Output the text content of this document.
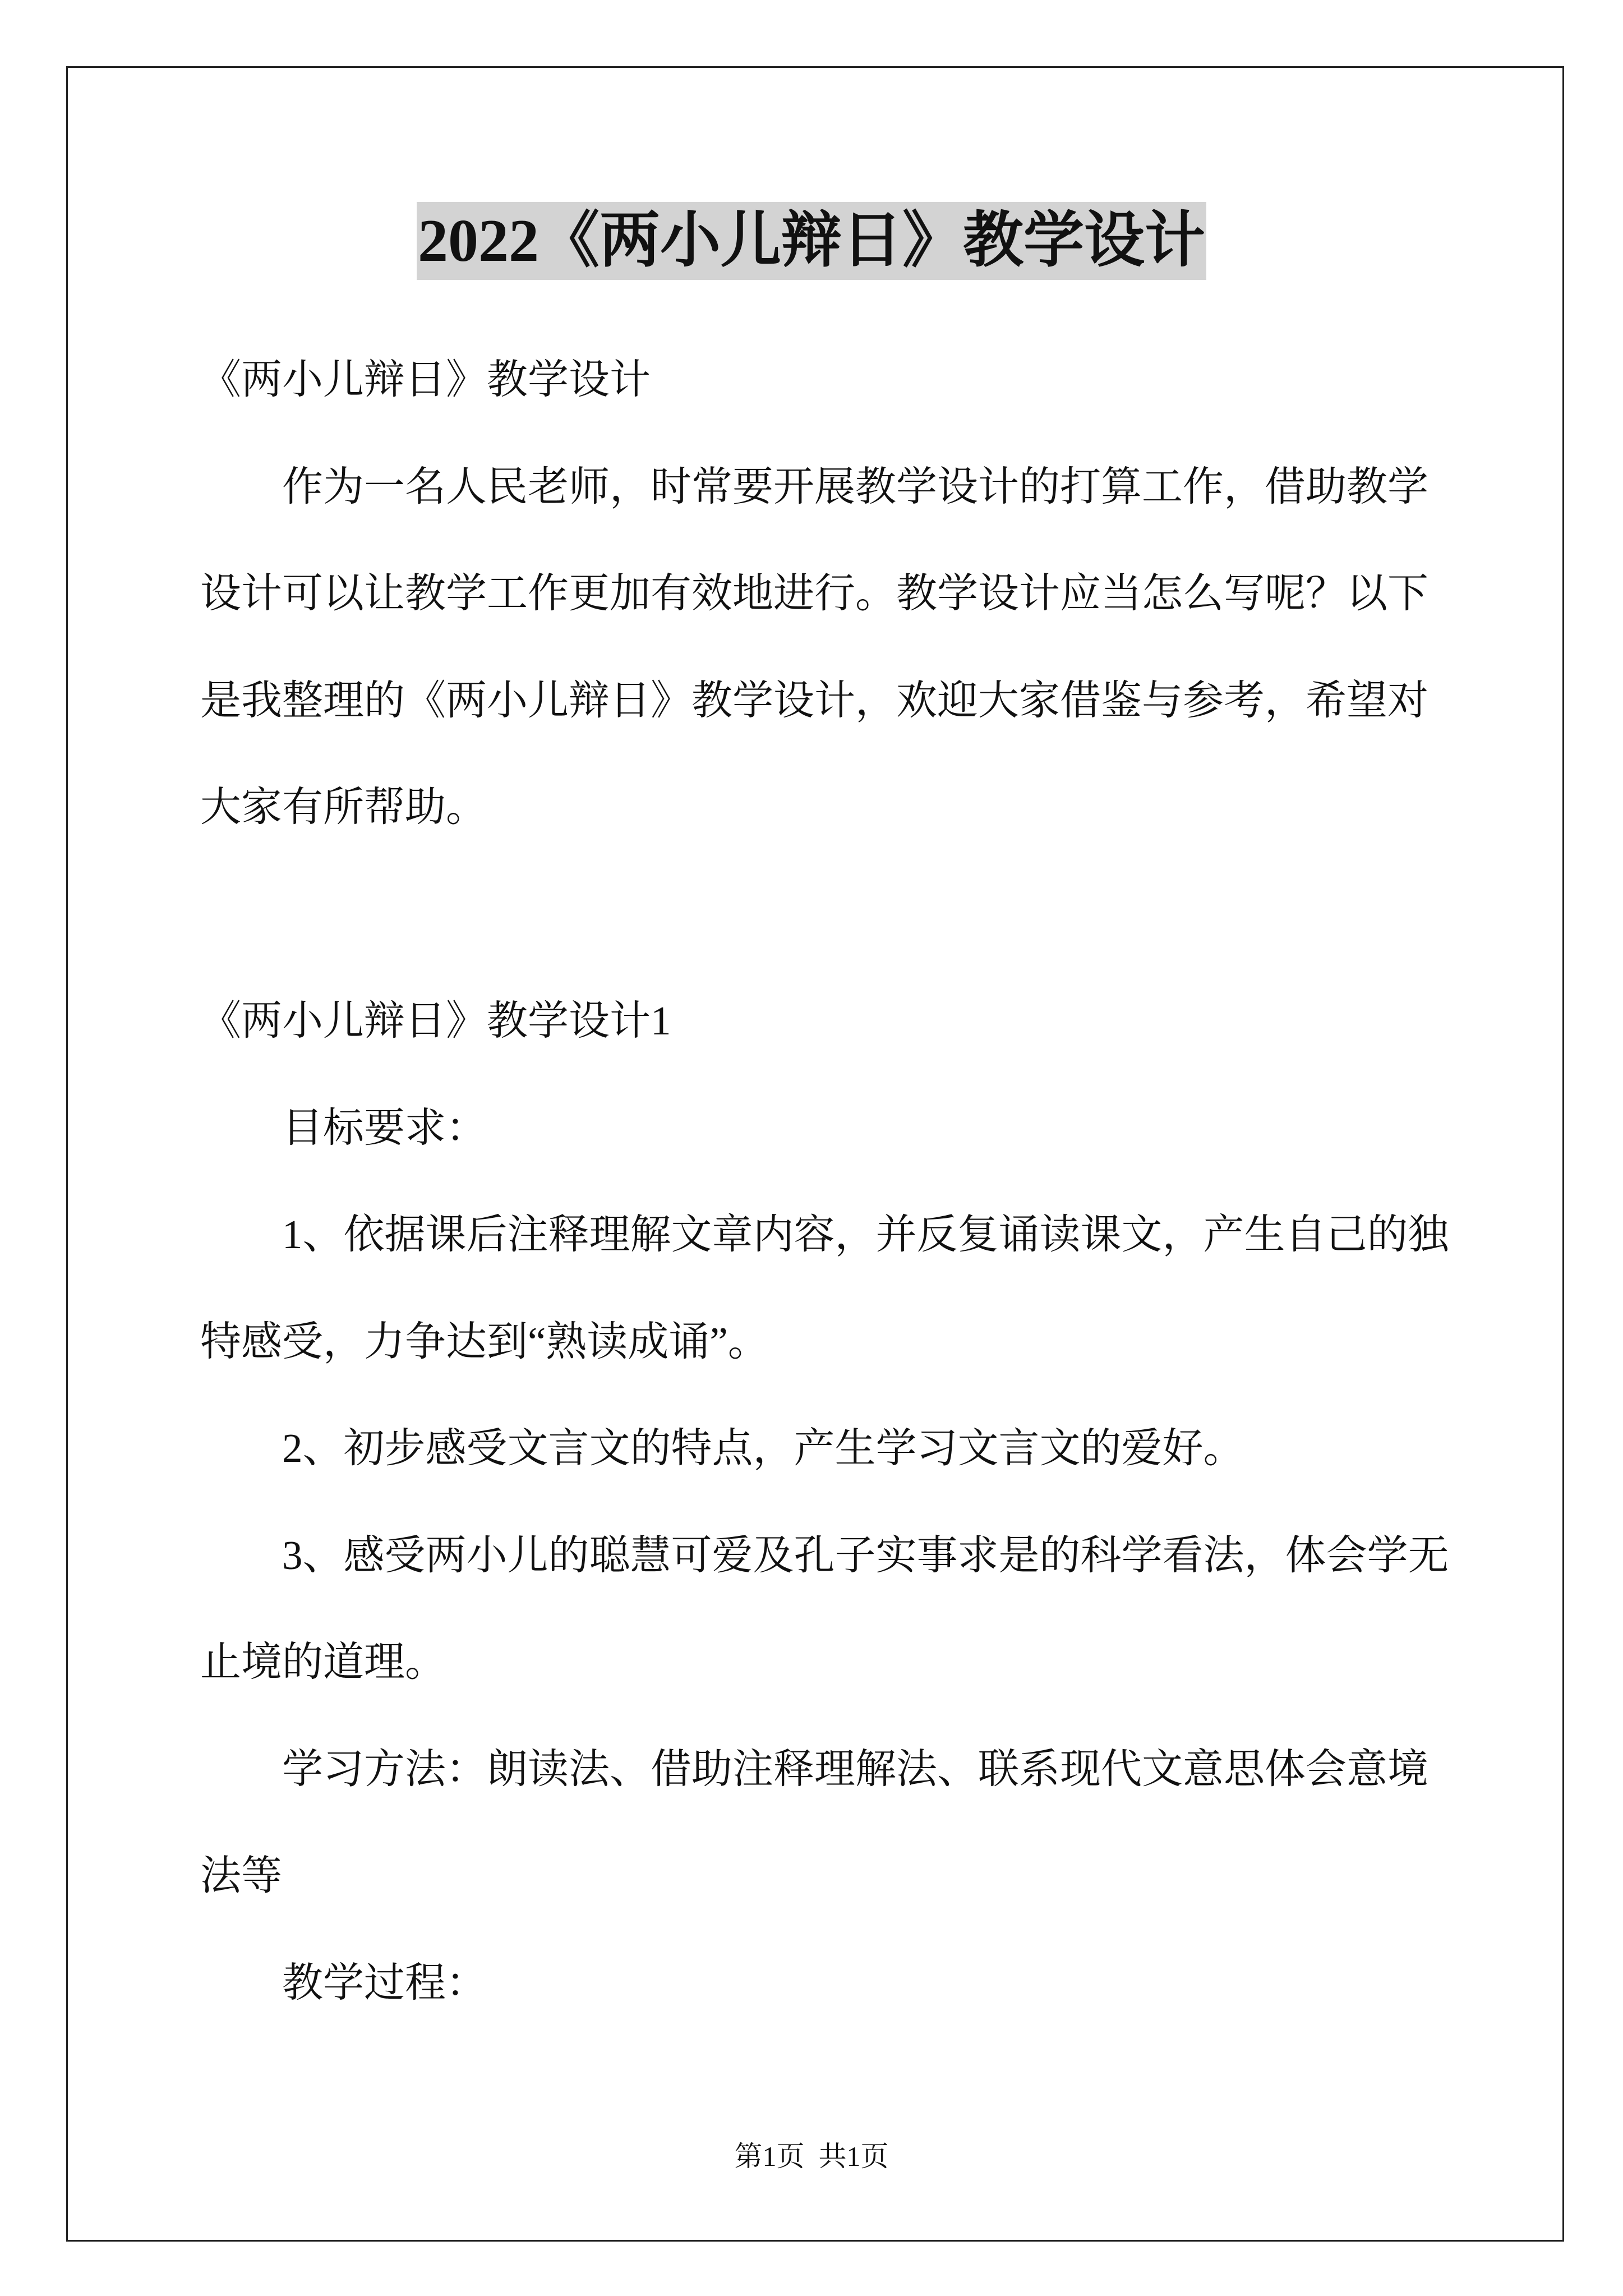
2022《两小儿辩日》教学设计
《两小儿辩日》教学设计
作为一名人民老师，时常要开展教学设计的打算工作，借助教学
设计可以让教学工作更加有效地进行。教学设计应当怎么写呢？以下
是我整理的《两小儿辩日》教学设计，欢迎大家借鉴与参考，希望对
大家有所帮助。
《两小儿辩日》教学设计1
目标要求：
1、依据课后注释理解文章内容，并反复诵读课文，产生自己的独
特感受，力争达到“熟读成诵”。
2、初步感受文言文的特点，产生学习文言文的爱好。
3、感受两小儿的聪慧可爱及孔子实事求是的科学看法，体会学无
止境的道理。
学习方法：朗读法、借助注释理解法、联系现代文意思体会意境
法等
教学过程：
第1页  共1页
